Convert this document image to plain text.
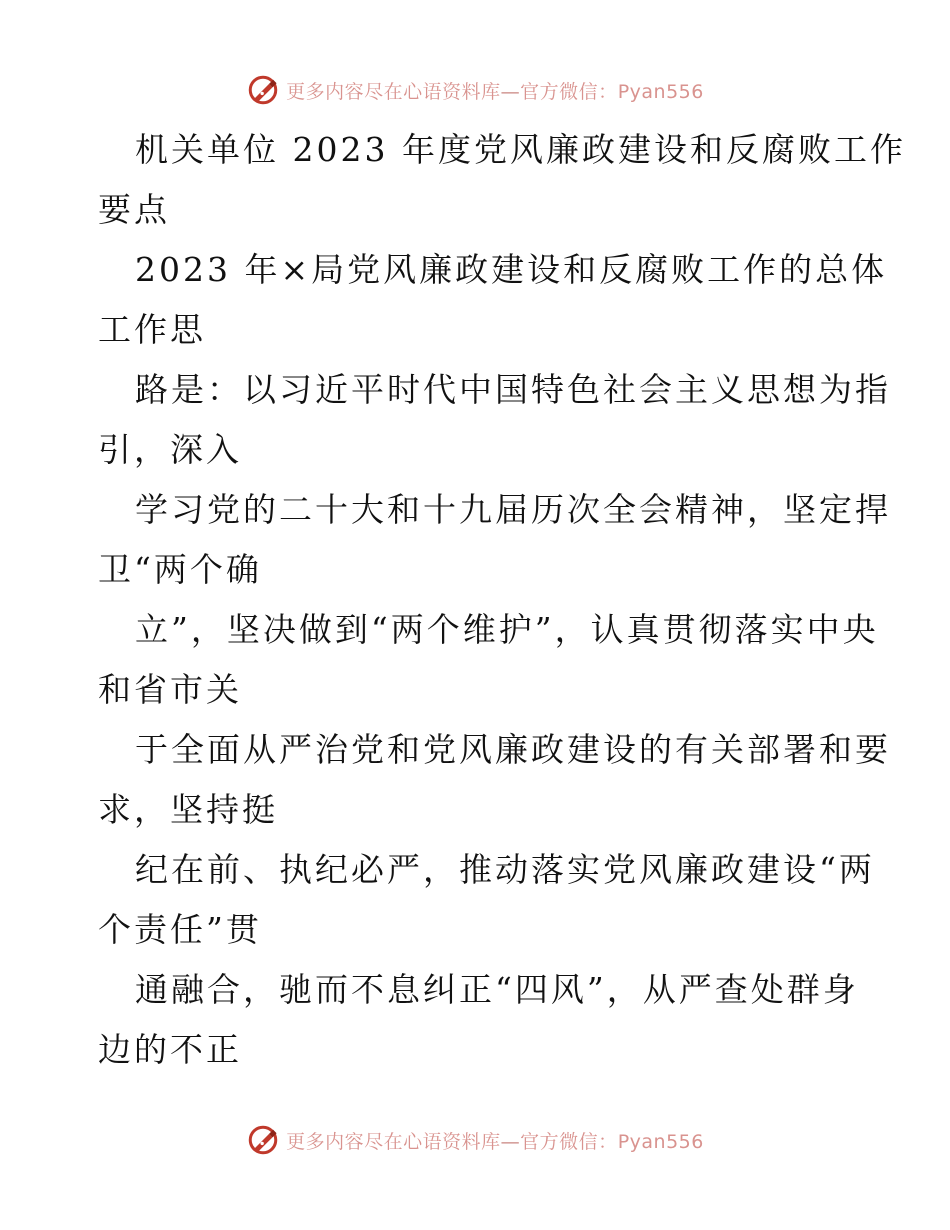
更多内容尽在心语资料库—官方微信：Pyan556
机关单位 2023 年度党风廉政建设和反腐败工作
要点
2023 年×局党风廉政建设和反腐败工作的总体
工作思
路是：以习近平时代中国特色社会主义思想为指
引，深入
学习党的二十大和十九届历次全会精神，坚定捍
卫“两个确
立”，坚决做到“两个维护”，认真贯彻落实中央
和省市关
于全面从严治党和党风廉政建设的有关部署和要
求，坚持挺
纪在前、执纪必严，推动落实党风廉政建设“两
个责任”贯
通融合，驰而不息纠正“四风”，从严查处群身
边的不正
更多内容尽在心语资料库—官方微信：Pyan556
